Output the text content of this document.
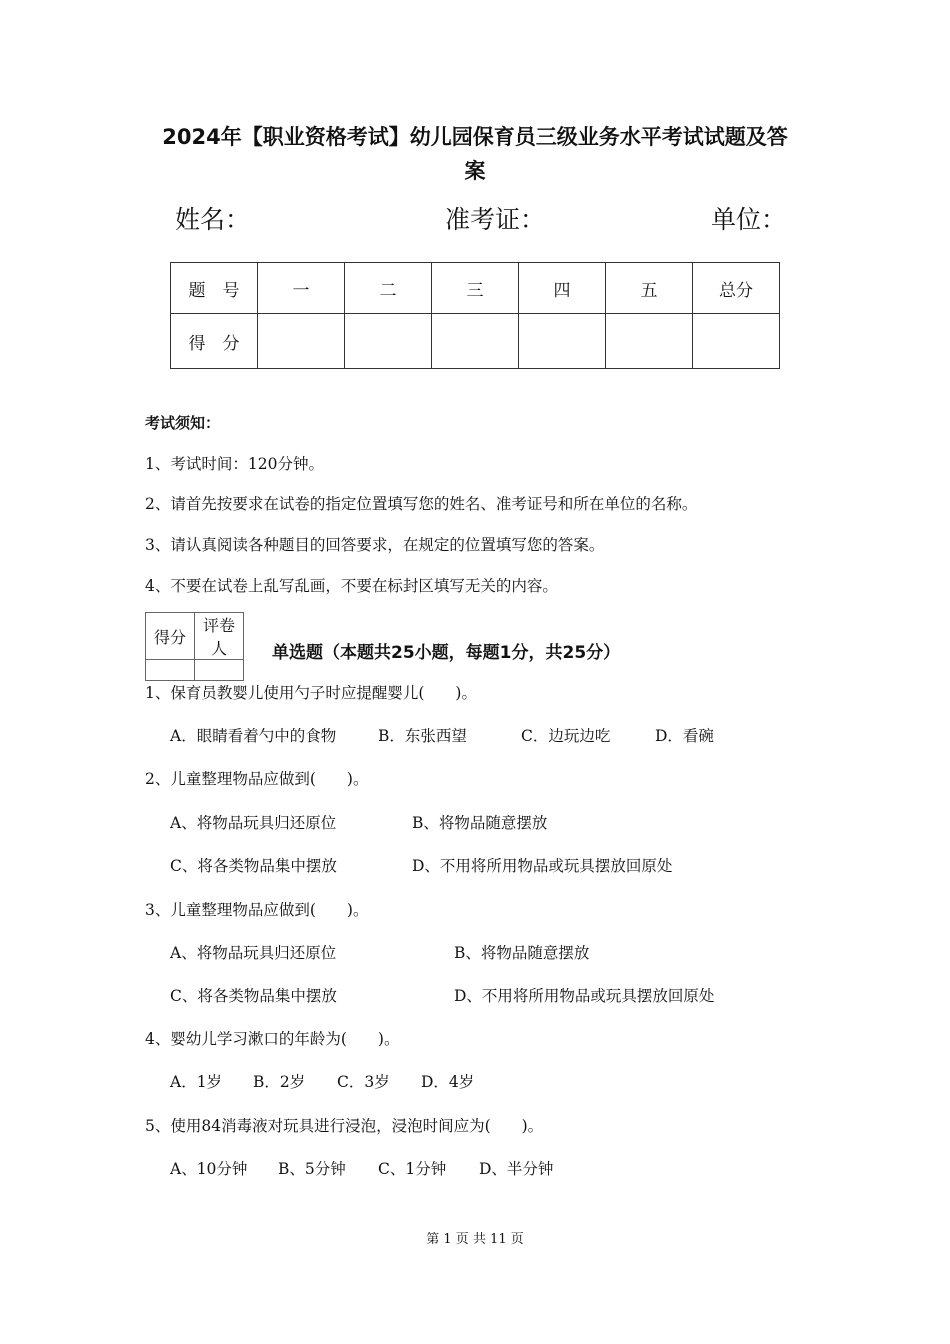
2024年【职业资格考试】幼儿园保育员三级业务水平考试试题及答
案
姓名：	准考证：	单位：
题　号	一	二	三	四	五	总分
得　分						
考试须知：
1、考试时间：120分钟。
2、请首先按要求在试卷的指定位置填写您的姓名、准考证号和所在单位的名称。
3、请认真阅读各种题目的回答要求，在规定的位置填写您的答案。
4、不要在试卷上乱写乱画，不要在标封区填写无关的内容。
得分	评卷人
		单选题（本题共25小题，每题1分，共25分）
1、保育员教婴儿使用勺子时应提醒婴儿(　　)。
A．眼睛看着勺中的食物	B．东张西望	C．边玩边吃	D．看碗
2、儿童整理物品应做到(　　)。
A、将物品玩具归还原位	B、将物品随意摆放
C、将各类物品集中摆放	D、不用将所用物品或玩具摆放回原处
3、儿童整理物品应做到(　　)。
A、将物品玩具归还原位	B、将物品随意摆放
C、将各类物品集中摆放	D、不用将所用物品或玩具摆放回原处
4、婴幼儿学习漱口的年龄为(　　)。
A．1岁 B．2岁 C．3岁 D．4岁
5、使用84消毒液对玩具进行浸泡，浸泡时间应为(　　)。
A、10分钟 B、5分钟 C、1分钟 D、半分钟
第 1 页 共 11 页
